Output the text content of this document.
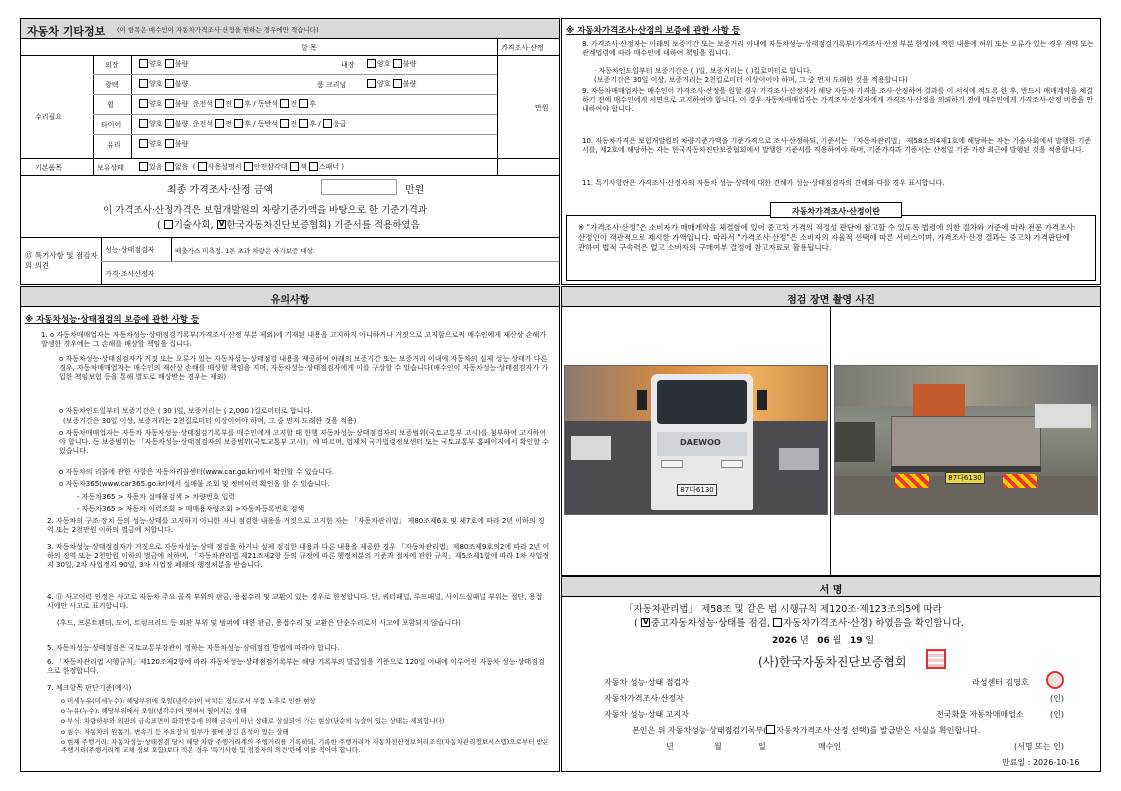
자동차 기타정보 (이 항목은 매수인이 자동차가격조사·산정을 원하는 경우에만 적습니다)
항 목	가격조사·산정
수리필요
만원
외장	양호 불량	내장	양호 불량
광택	양호 불량	룸 크리닝	양호 불량
휠	양호 불량 운전석 전 후 / 동반석 전 후
타이어	양호 불량 운전석 전 후 / 동반석 전 후 / 응급
유리	양호 불량
기본품목	보유상태	있음 없음  ( 사용설명서 안전삼각대 잭 스패너 )
최종 가격조사·산정 금액	만원
이 가격조사·산정가격은 보험개발원의 차량기준가액을 바탕으로 한 기준가격과
( 기술사회, V 한국자동차진단보증협회) 기준서를 적용하였음
⑮ 특기사항 및 점검자의 의견
성능·상태점검자	배출가스 미측정. 1톤 초과 차량은 자가보증 대상.
가격·조사산정자
※ 자동차가격조사·산정의 보증에 관한 사항 등
8. 가격조사·산정자는 아래의 보증기간 또는 보증거리 이내에 자동차성능·상태점검기록부(가격조사·산정 부분 한정)에 적힌 내용에 허위 또는 오류가 있는 경우 계약 또는 관계법령에 따라 매수인에 대하여 책임을 집니다.
· 자동차인도일부터 보증기간은 ( )일, 보증거리는 ( )킬로미터로 합니다.
(보증기간은 30일 이상, 보증거리는 2천킬로미터 이상이어야 하며, 그 중 먼저 도래한 것을 적용합니다)
9. 자동차매매업자는 매수인이 가격조사·산정을 원할 경우 가격조사·산정자가 해당 자동차 가격을 조사·산정하여 결과를 이 서식에 적도록 한 후, 반드시 매매계약을 체결하기 전에 매수인에게 서면으로 고지하여야 합니다. 이 경우 자동차매매업자는 가격조사·산정자에게 가격조사·산정을 의뢰하기 전에 매수인에게 가격조사·산정 비용을 안내하여야 합니다.
10. 자동차가격은 보험개발원의 차량기준가액을 기준가격으로 조사·산정하되, 기준서는 「자동차관리법」 제58조의4제1호에 해당하는 자는 기술사회에서 발행한 기준서를, 제2호에 해당하는 자는 한국자동차진단보증협회에서 발행한 기준서를 적용하여야 하며, 기준가격과 기준서는 산정일 기준 가장 최근에 발행된 것을 적용합니다.
11. 특기사항란은 가격조사·산정자의 자동차 성능·상태에 대한 견해가 성능·상태점검자의 견해와 다를 경우 표시합니다.
자동차가격조사·산정이란
※ "가격조사·산정"은 소비자가 매매계약을 체결함에 있어 중고차 가격의 적정성 판단에 참고할 수 있도록 법령에 의한 절차와 기준에 따라 전문 가격조사·산정인이 객관적으로 제시한 가액입니다. 따라서 "가격조사·산정"은 소비자의 자율적 선택에 따른 서비스이며, 가격조사·산정 결과는 중고차 가격판단에 관하여 법적 구속력은 없고 소비자의 구매여부 결정에 참고자료로 활용됩니다.
유의사항
※ 자동차성능·상태점검의 보증에 관한 사항 등
1. o 자동차매매업자는 자동차성능·상태점검기록부(가격조사·산정 부분 제외)에 기재된 내용을 고지하지 아니하거나 거짓으로 고지함으로써 매수인에게 재산상 손해가 발생한 경우에는 그 손해를 배상할 책임을 집니다.
o 자동차성능·상태점검자가 거짓 또는 오류가 있는 자동차성능·상태점검 내용을 제공하여 아래의 보증기간 또는 보증거리 이내에 자동차의 실제 성능·상태가 다른 경우, 자동차매매업자는 매수인의 재산상 손해를 배상할 책임을 지며, 자동차성능·상태점검자에게 이를 구상할 수 있습니다(매수인이 자동차성능·상태점검자가 가입한 책임보험 등을 통해 별도로 배상받는 경우는 제외)
o 자동차인도일부터 보증기간은 ( 30 )일, 보증거리는 ( 2,000 )킬로미터로 합니다.
(보증기간은 30일 이상, 보증거리는 2천킬로미터 이상이어야 하며, 그 중 먼저 도래한 것을 적용)
o 자동차매매업자는 자동차 자동차성능·상태점검기록부를 매수인에게 고지할 때 한행 자동차성능·상태점검자의 보증범위(국토교통부 고시)를 첨부하여 고지하여야 합니다. 동 보증범위는 「자동차성능·상태점검자의 보증범위(국토교통부 고시)」에 따르며, 법제처 국가법령정보센터 또는 국토교통부 홈페이지에서 확인할 수 있습니다.
o 자동차의 리콜에 관한 사항은 자동차리콜센터(www.car.go.kr)에서 확인할 수 있습니다.
o 자동차365(www.car365.go.kr)에서 실매물 조회 및 정비이력 확인을 할 수 있습니다.
- 자동차365 > 자동차 실매물검색 > 차량번호 입력
- 자동차365 > 자동차 이력조회 > 매매용자량조회 >자동차등록번호 검색
2. 자동차의 구조·장치 등의 성능·상태를 고지하지 아니한 자나 점검한 내용을 거짓으로 고지한 자는 「자동차관리법」 제80조제6호 및 제7호에 따라 2년 이하의 징역 또는 2천만원 이하의 벌금에 처합니다.
3. 자동차성능·상태점검자가 거짓으로 자동차성능·상태 점검을 하거나 실제 점검한 내용과 다른 내용을 제공한 경우 「자동차관리법」제80조제9호의2에 따라 2년 이하의 징역 또는 2천만원 이하의 벌금에 처하며, 「자동차관리법 제21조제2항 등의 규정에 따른 행정처분의 기준과 절차에 관한 규칙」제5조제1항에 따라 1차 사업정지 30일, 2차 사업정지 90일, 3차 사업장 폐쇄의 행정처분을 받습니다.
4. ⑪ 사고이력 인정은 사고로 자동차 주요 골격 부위의 판금, 용접수리 및 교환이 있는 경우로 한정합니다. 단, 쿼터패널, 루프패널, 사이드실패널 부위는 절단, 용접 시에만 사고로 표기합니다.
(후드, 프론트펜더, 도어, 트렁크리드 등 외판 부위 및 범퍼에 대한 판금, 용접수리 및 교환은 단순수리로서 사고에 포함되지 않습니다)
5. 자동차성능·상태점검은 국토교통부장관이 정하는 자동차성능·상태점검 방법에 따라야 합니다.
6. 「자동차관리법 시행규칙」제120조제2항에 따라 자동차성능·상태점검기록부는 해당 기록부의 발급일을 기준으로 120일 이내에 이루어진 자동차 성능·상태점검으로 한정합니다.
7. 체크항목 판단기준(예시)
o 미세누유(미세누수): 해당부위에 오일(냉각수)이 비치는 정도로서 부품 노후로 인한 현상
o 누유(누수): 해당부위에서 오일(냉각수)이 맺혀서 떨어지는 상태
o 부식: 차량하부와 외판의 금속표면이 화학반응에 의해 금속이 아닌 상태로 상실되어 가는 현상(단순히 녹슬어 있는 상태는 제외합니다)
o 침수: 자동차의 원동기, 변속기 등 주요장치 일부가 물에 잠긴 흔적이 있는 상태
o 현재 주행거리: 자동차성능·상태점검 당시 해당 차량 주행거리계의 주행거리를 기록하되, 기록한 주행거리가 자동차전산정보처리조직(자동차관리정보시스템)으로부터 받은 주행거리(주행거리계 교체 정보 포함)보다 적은 경우 '특기사항 및 점검자의 의견'란에 이를 적어야 합니다.
점검 장면 촬영 사진
DAEWOO
87다6130
87다6130
서 명
「자동차관리법」 제58조 및 같은 법 시행규칙 제120조·제123조의5에 따라
( V중고자동차성능·상태를 점검, 자동차가격조사·산정) 하였음을 확인합니다.
2026 년 06 월 19 일
(사)한국자동차진단보증협회
자동차 성능·상태 점검자	라성센터 김영호
자동차가격조사·산정자	(인)
자동차 성능·상태 고지자	전국화물 자동차매매업소	(인)
본인은 위 자동차성능·상태점검기록부( 자동차가격조사·산정 선택)를 발급받은 사실을 확인합니다.
년	월	일	매수인	(서명 또는 인)
만료일 : 2026-10-16
